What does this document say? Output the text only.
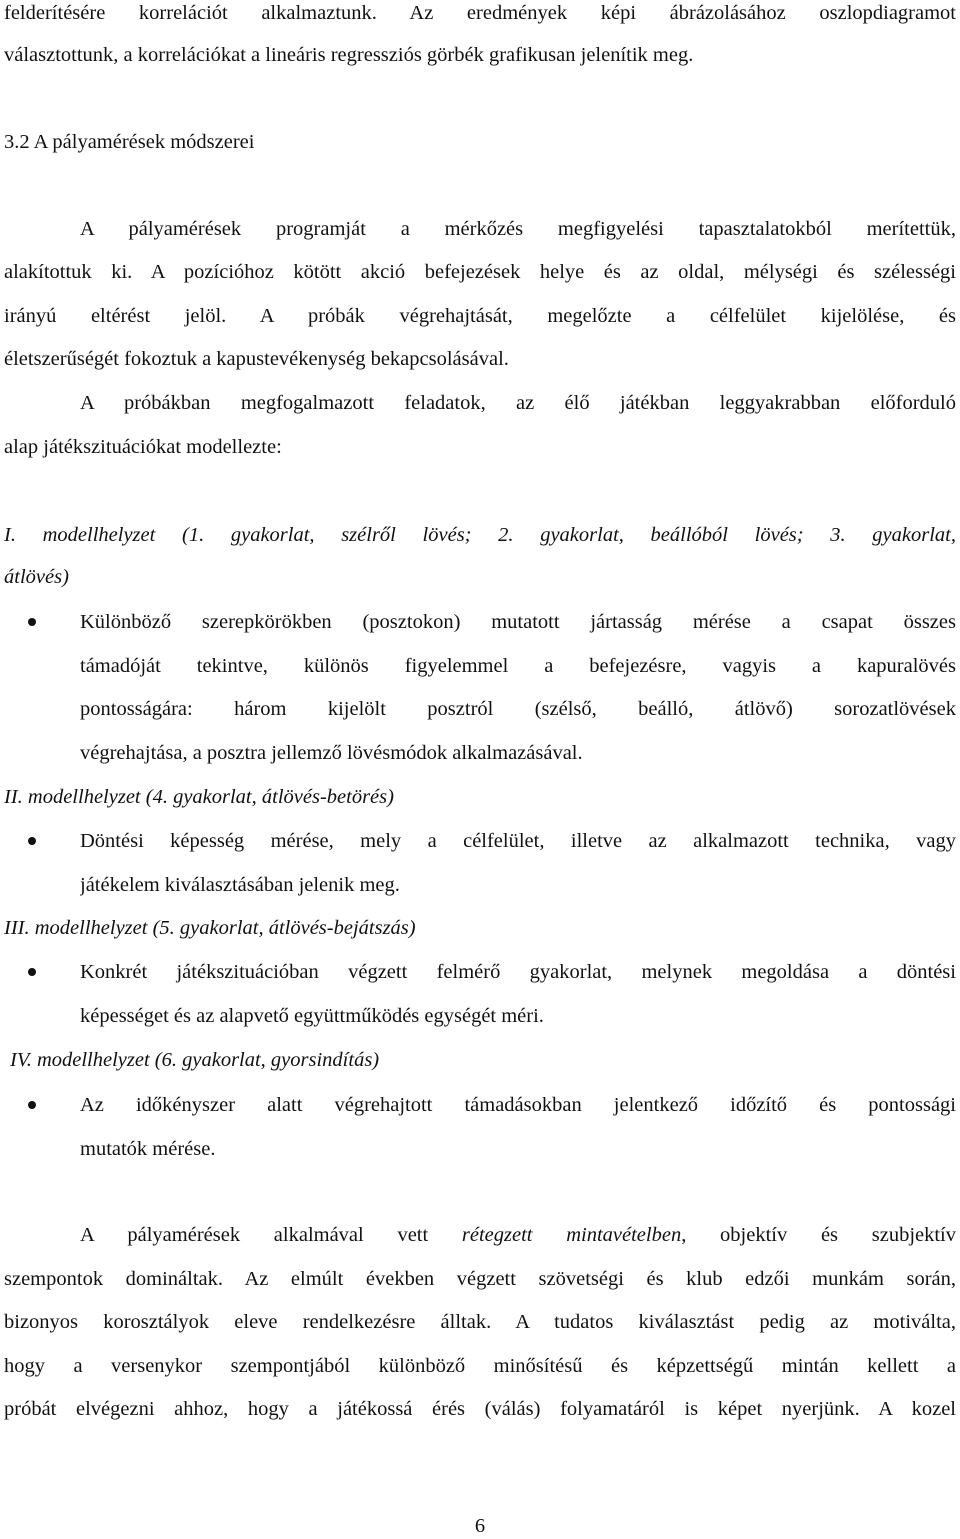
felderítésére korrelációt alkalmaztunk. Az eredmények képi ábrázolásához oszlopdiagramot
választottunk, a korrelációkat a lineáris regressziós görbék grafikusan jelenítik meg.
3.2 A pályamérések módszerei
A pályamérések programját a mérkőzés megfigyelési tapasztalatokból merítettük,
alakítottuk ki. A pozícióhoz kötött akció befejezések helye és az oldal, mélységi és szélességi
irányú eltérést jelöl. A próbák végrehajtását, megelőzte a célfelület kijelölése, és
életszerűségét fokoztuk a kapustevékenység bekapcsolásával.
A próbákban megfogalmazott feladatok, az élő játékban leggyakrabban előforduló
alap játékszituációkat modellezte:
I. modellhelyzet (1. gyakorlat, szélről lövés; 2. gyakorlat, beállóból lövés; 3. gyakorlat,
átlövés)
Különböző szerepkörökben (posztokon) mutatott jártasság mérése a csapat összes
támadóját tekintve, különös figyelemmel a befejezésre, vagyis a kapuralövés
pontosságára: három kijelölt posztról (szélső, beálló, átlövő) sorozatlövések
végrehajtása, a posztra jellemző lövésmódok alkalmazásával.
II. modellhelyzet (4. gyakorlat, átlövés-betörés)
Döntési képesség mérése, mely a célfelület, illetve az alkalmazott technika, vagy
játékelem kiválasztásában jelenik meg.
III. modellhelyzet (5. gyakorlat, átlövés-bejátszás)
Konkrét játékszituációban végzett felmérő gyakorlat, melynek megoldása a döntési
képességet és az alapvető együttműködés egységét méri.
IV. modellhelyzet (6. gyakorlat, gyorsindítás)
Az időkényszer alatt végrehajtott támadásokban jelentkező időzítő és pontossági
mutatók mérése.
A pályamérések alkalmával vett rétegzett mintavételben, objektív és szubjektív
szempontok domináltak. Az elmúlt években végzett szövetségi és klub edzői munkám során,
bizonyos korosztályok eleve rendelkezésre álltak. A tudatos kiválasztást pedig az motiválta,
hogy a versenykor szempontjából különböző minősítésű és képzettségű mintán kellett a
próbát elvégezni ahhoz, hogy a játékossá érés (válás) folyamatáról is képet nyerjünk. A kozel
6
